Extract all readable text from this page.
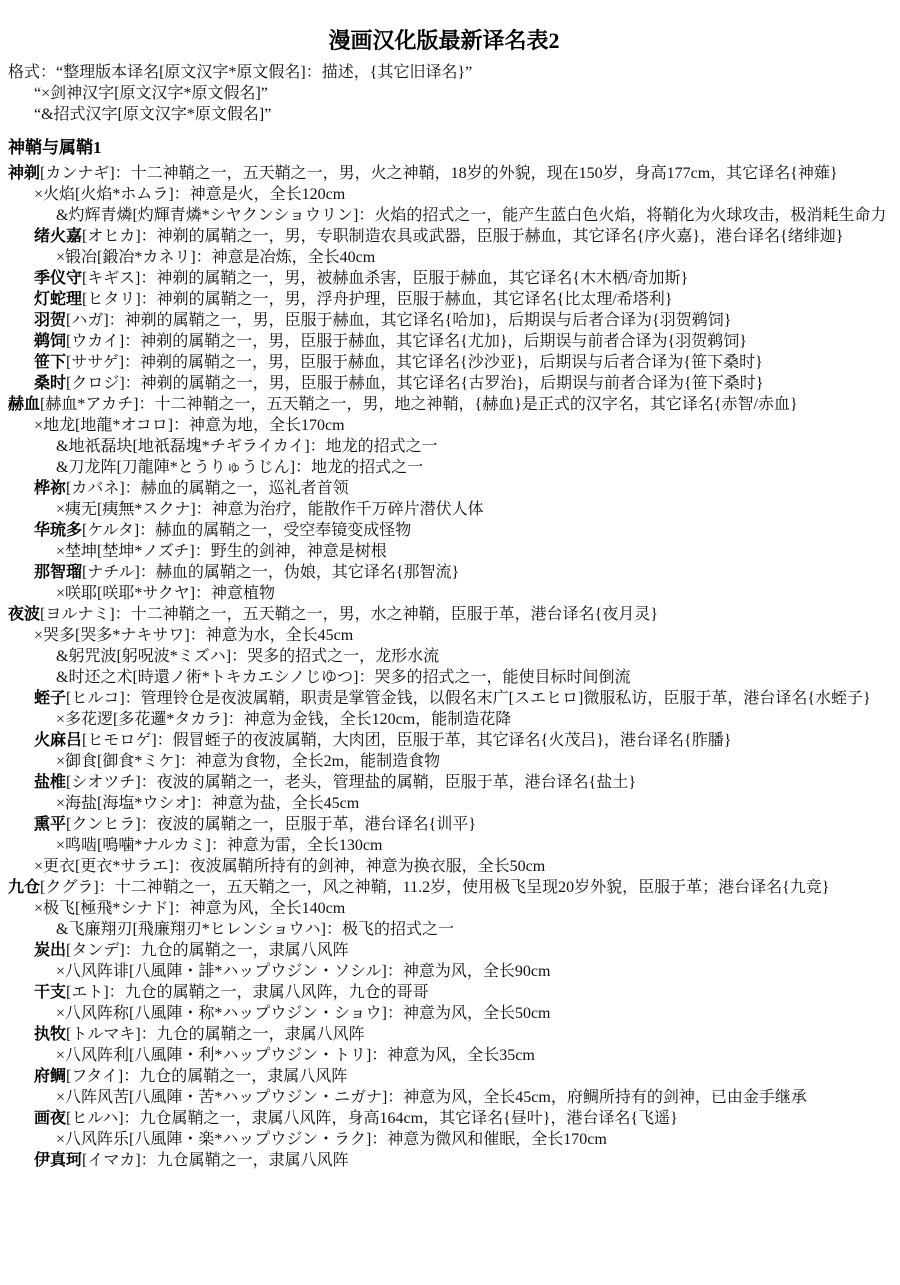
漫画汉化版最新译名表2

格式：“整理版本译名[原文汉字*原文假名]：描述，{其它旧译名}”

“×剑神汉字[原文汉字*原文假名]”

“&招式汉字[原文汉字*原文假名]”

神鞘与属鞘1

神剃[カンナギ]：十二神鞘之一，五天鞘之一，男，火之神鞘，18岁的外貌，现在150岁，身高177cm，其它译名{神薙}

×火焰[火焰*ホムラ]：神意是火，全长120cm

&灼辉青燐[灼輝青燐*シヤクンショウリン]：火焰的招式之一，能产生蓝白色火焰，将鞘化为火球攻击，极消耗生命力

绪火嘉[オヒカ]：神剃的属鞘之一，男，专职制造农具或武器，臣服于赫血，其它译名{序火嘉}，港台译名{绪绯迦}

×锻冶[鍛冶*カネリ]：神意是冶炼，全长40cm

季仪守[キギス]：神剃的属鞘之一，男，被赫血杀害，臣服于赫血，其它译名{木木栖/奇加斯}

灯蛇理[ヒタリ]：神剃的属鞘之一，男，浮舟护理，臣服于赫血，其它译名{比太理/希塔利}

羽贺[ハガ]：神剃的属鞘之一，男，臣服于赫血，其它译名{哈加}，后期误与后者合译为{羽贺鹈饲}

鹈饲[ウカイ]：神剃的属鞘之一，男，臣服于赫血，其它译名{尤加}，后期误与前者合译为{羽贺鹈饲}

笹下[ササゲ]：神剃的属鞘之一，男，臣服于赫血，其它译名{沙沙亚}，后期误与后者合译为{笹下桑时}

桑时[クロジ]：神剃的属鞘之一，男，臣服于赫血，其它译名{古罗治}，后期误与前者合译为{笹下桑时}

赫血[赫血*アカチ]：十二神鞘之一，五天鞘之一，男，地之神鞘，{赫血}是正式的汉字名，其它译名{赤智/赤血}

×地龙[地龍*オコロ]：神意为地，全长170cm

&地祇磊块[地祇磊塊*チギライカイ]：地龙的招式之一

&刀龙阵[刀龍陣*とうりゅうじん]：地龙的招式之一

桦祢[カバネ]：赫血的属鞘之一，巡礼者首领

×痍无[痍無*スクナ]：神意为治疗，能散作千万碎片潜伏人体

华琉多[ケルタ]：赫血的属鞘之一，受空奉镜变成怪物

×埜坤[埜坤*ノズチ]：野生的剑神，神意是树根

那智瑠[ナチル]：赫血的属鞘之一，伪娘，其它译名{那智流}

×咲耶[咲耶*サクヤ]：神意植物

夜波[ヨルナミ]：十二神鞘之一，五天鞘之一，男，水之神鞘，臣服于革，港台译名{夜月灵}

×哭多[哭多*ナキサワ]：神意为水，全长45cm

&躬咒波[躬呪波*ミズハ]：哭多的招式之一，龙形水流

&时还之术[時還ノ術*トキカエシノじゆつ]：哭多的招式之一，能使目标时间倒流

蛭子[ヒルコ]：管理铃仓是夜波属鞘，职责是掌管金钱，以假名末广[スエヒロ]微服私访，臣服于革，港台译名{水蛭子}

×多花逻[多花邏*タカラ]：神意为金钱，全长120cm，能制造花降

火麻吕[ヒモロゲ]：假冒蛭子的夜波属鞘，大肉团，臣服于革，其它译名{火茂吕}，港台译名{胙膰}

×御食[御食*ミケ]：神意为食物，全长2m，能制造食物

盐椎[シオツチ]：夜波的属鞘之一，老头，管理盐的属鞘，臣服于革，港台译名{盐土}

×海盐[海塩*ウシオ]：神意为盐，全长45cm

熏平[クンヒラ]：夜波的属鞘之一，臣服于革，港台译名{训平}

×鸣啮[鳴噛*ナルカミ]：神意为雷，全长130cm

×更衣[更衣*サラエ]：夜波属鞘所持有的剑神，神意为换衣服，全长50cm

九仓[クグラ]：十二神鞘之一，五天鞘之一，风之神鞘，11.2岁，使用极飞呈现20岁外貌，臣服于革；港台译名{九竞}

×极飞[極飛*シナド]：神意为风，全长140cm

&飞廉翔刃[飛廉翔刃*ヒレンショウハ]：极飞的招式之一

炭出[タンデ]：九仓的属鞘之一，隶属八风阵

×八风阵诽[八風陣・誹*ハップウジン・ソシル]：神意为风，全长90cm

干支[エト]：九仓的属鞘之一，隶属八风阵，九仓的哥哥

×八风阵称[八風陣・称*ハップウジン・ショウ]：神意为风，全长50cm

执牧[トルマキ]：九仓的属鞘之一，隶属八风阵

×八风阵利[八風陣・利*ハップウジン・トリ]：神意为风，全长35cm

府鲷[フタイ]：九仓的属鞘之一，隶属八风阵

×八阵风苦[八風陣・苦*ハップウジン・ニガナ]：神意为风，全长45cm，府鲷所持有的剑神，已由金手继承

画夜[ヒルハ]：九仓属鞘之一，隶属八风阵，身高164cm，其它译名{昼叶}，港台译名{飞遥}

×八风阵乐[八風陣・楽*ハップウジン・ラク]：神意为微风和催眠，全长170cm

伊真珂[イマカ]：九仓属鞘之一，隶属八风阵
